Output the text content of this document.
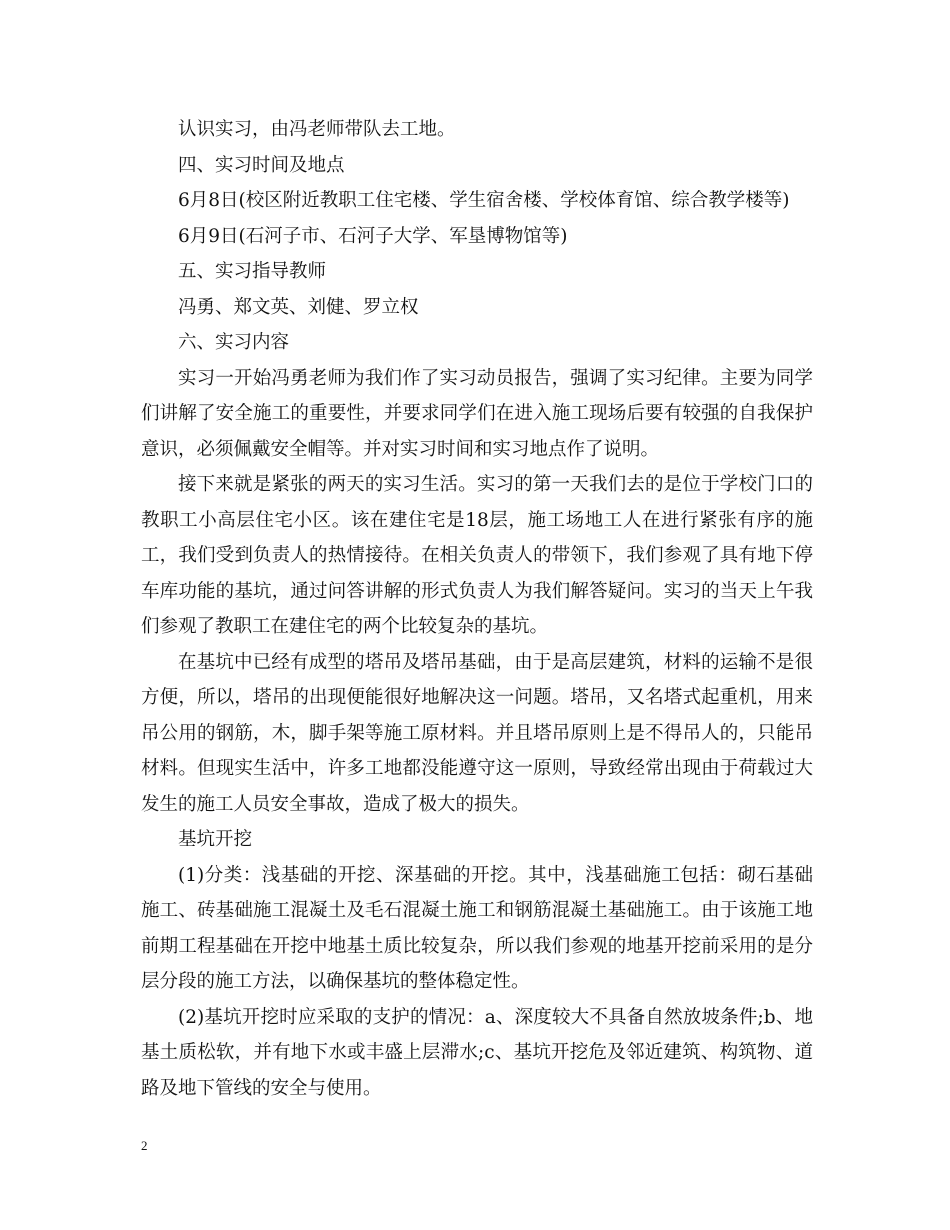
认识实习，由冯老师带队去工地。

四、实习时间及地点

6月8日(校区附近教职工住宅楼、学生宿舍楼、学校体育馆、综合教学楼等)

6月9日(石河子市、石河子大学、军垦博物馆等)

五、实习指导教师

冯勇、郑文英、刘健、罗立权

六、实习内容

实习一开始冯勇老师为我们作了实习动员报告，强调了实习纪律。主要为同学们讲解了安全施工的重要性，并要求同学们在进入施工现场后要有较强的自我保护意识，必须佩戴安全帽等。并对实习时间和实习地点作了说明。

接下来就是紧张的两天的实习生活。实习的第一天我们去的是位于学校门口的教职工小高层住宅小区。该在建住宅是18层，施工场地工人在进行紧张有序的施工，我们受到负责人的热情接待。在相关负责人的带领下，我们参观了具有地下停车库功能的基坑，通过问答讲解的形式负责人为我们解答疑问。实习的当天上午我们参观了教职工在建住宅的两个比较复杂的基坑。

在基坑中已经有成型的塔吊及塔吊基础，由于是高层建筑，材料的运输不是很方便，所以，塔吊的出现便能很好地解决这一问题。塔吊，又名塔式起重机，用来吊公用的钢筋，木，脚手架等施工原材料。并且塔吊原则上是不得吊人的，只能吊材料。但现实生活中，许多工地都没能遵守这一原则，导致经常出现由于荷载过大发生的施工人员安全事故，造成了极大的损失。

基坑开挖

(1)分类：浅基础的开挖、深基础的开挖。其中，浅基础施工包括：砌石基础施工、砖基础施工混凝土及毛石混凝土施工和钢筋混凝土基础施工。由于该施工地前期工程基础在开挖中地基土质比较复杂，所以我们参观的地基开挖前采用的是分层分段的施工方法，以确保基坑的整体稳定性。

(2)基坑开挖时应采取的支护的情况：a、深度较大不具备自然放坡条件;b、地基土质松软，并有地下水或丰盛上层滞水;c、基坑开挖危及邻近建筑、构筑物、道路及地下管线的安全与使用。

2
